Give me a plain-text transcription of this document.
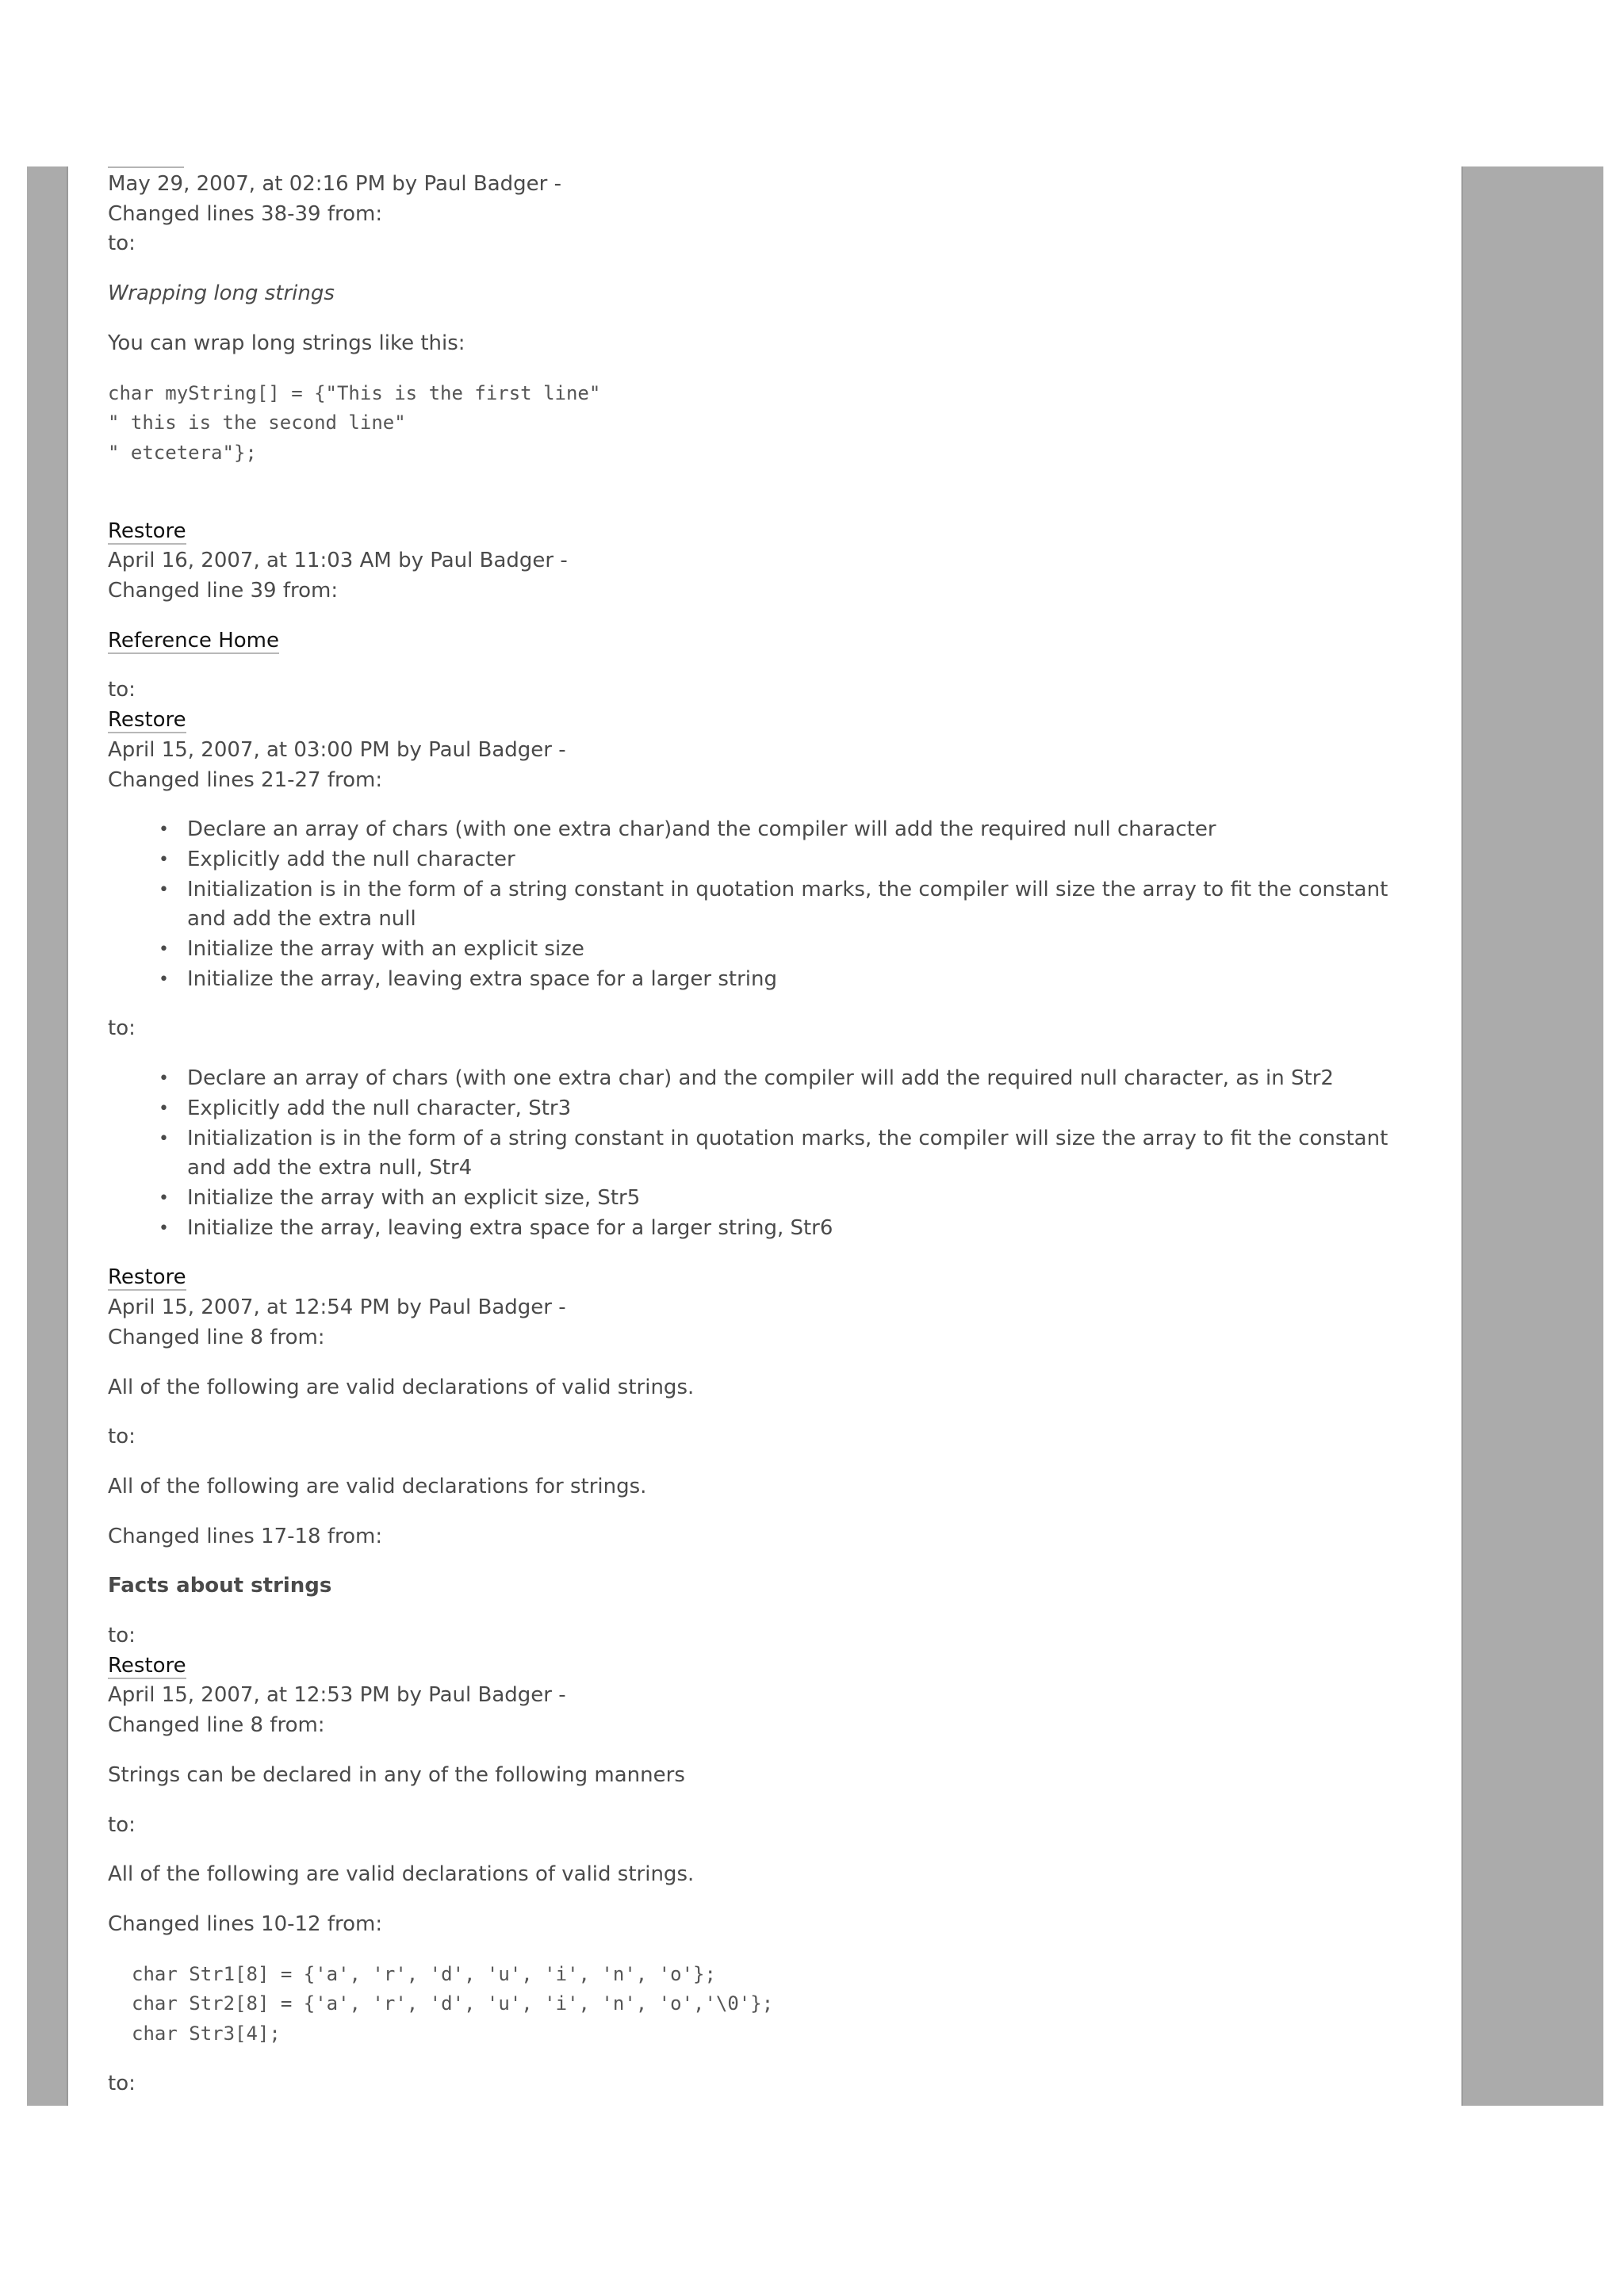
May 29, 2007, at 02:16 PM by Paul Badger -

Changed lines 38-39 from:

to:

Wrapping long strings

You can wrap long strings like this:

char myString[] = {"This is the first line"
" this is the second line"
" etcetera"};

Restore

April 16, 2007, at 11:03 AM by Paul Badger -

Changed line 39 from:

Reference Home

to:

Restore

April 15, 2007, at 03:00 PM by Paul Badger -

Changed lines 21-27 from:

• Declare an array of chars (with one extra char)and the compiler will add the required null character
• Explicitly add the null character
• Initialization is in the form of a string constant in quotation marks, the compiler will size the array to fit the constant and add the extra null
• Initialize the array with an explicit size
• Initialize the array, leaving extra space for a larger string

to:

• Declare an array of chars (with one extra char) and the compiler will add the required null character, as in Str2
• Explicitly add the null character, Str3
• Initialization is in the form of a string constant in quotation marks, the compiler will size the array to fit the constant and add the extra null, Str4
• Initialize the array with an explicit size, Str5
• Initialize the array, leaving extra space for a larger string, Str6

Restore

April 15, 2007, at 12:54 PM by Paul Badger -

Changed line 8 from:

All of the following are valid declarations of valid strings.

to:

All of the following are valid declarations for strings.

Changed lines 17-18 from:

Facts about strings

to:

Restore

April 15, 2007, at 12:53 PM by Paul Badger -

Changed line 8 from:

Strings can be declared in any of the following manners

to:

All of the following are valid declarations of valid strings.

Changed lines 10-12 from:

char Str1[8] = {'a', 'r', 'd', 'u', 'i', 'n', 'o'};
char Str2[8] = {'a', 'r', 'd', 'u', 'i', 'n', 'o','\0'};
char Str3[4];

to:
